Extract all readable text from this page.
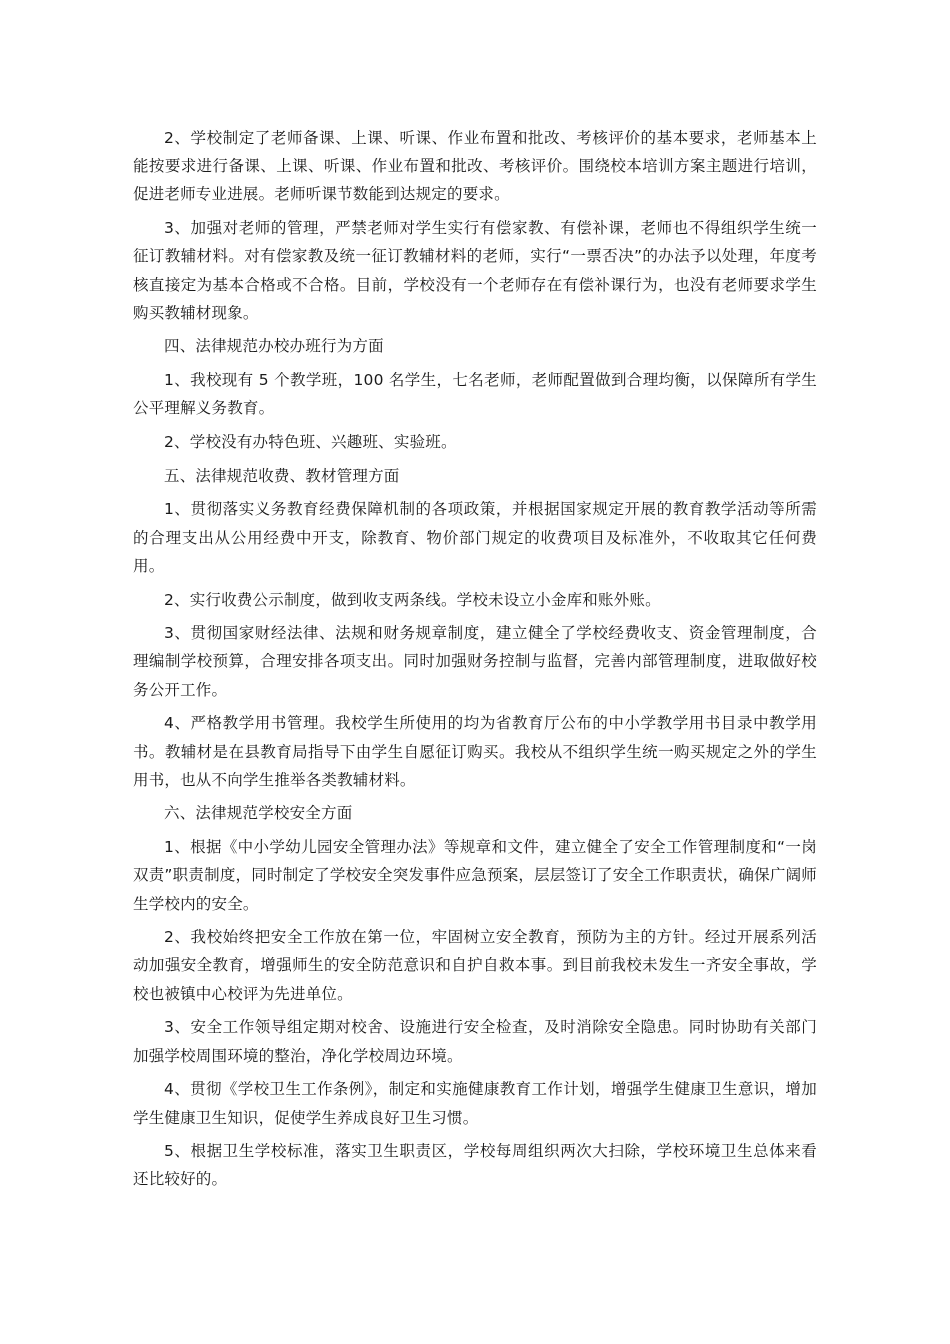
2、学校制定了老师备课、上课、听课、作业布置和批改、考核评价的基本要求，老师基本上能按要求进行备课、上课、听课、作业布置和批改、考核评价。围绕校本培训方案主题进行培训，促进老师专业进展。老师听课节数能到达规定的要求。

3、加强对老师的管理，严禁老师对学生实行有偿家教、有偿补课，老师也不得组织学生统一征订教辅材料。对有偿家教及统一征订教辅材料的老师，实行“一票否决”的办法予以处理，年度考核直接定为基本合格或不合格。目前，学校没有一个老师存在有偿补课行为，也没有老师要求学生购买教辅材现象。

四、法律规范办校办班行为方面

1、我校现有 5 个教学班，100 名学生，七名老师，老师配置做到合理均衡，以保障所有学生公平理解义务教育。

2、学校没有办特色班、兴趣班、实验班。

五、法律规范收费、教材管理方面

1、贯彻落实义务教育经费保障机制的各项政策，并根据国家规定开展的教育教学活动等所需的合理支出从公用经费中开支，除教育、物价部门规定的收费项目及标准外，不收取其它任何费用。

2、实行收费公示制度，做到收支两条线。学校未设立小金库和账外账。

3、贯彻国家财经法律、法规和财务规章制度，建立健全了学校经费收支、资金管理制度，合理编制学校预算，合理安排各项支出。同时加强财务控制与监督，完善内部管理制度，进取做好校务公开工作。

4、严格教学用书管理。我校学生所使用的均为省教育厅公布的中小学教学用书目录中教学用书。教辅材是在县教育局指导下由学生自愿征订购买。我校从不组织学生统一购买规定之外的学生用书，也从不向学生推举各类教辅材料。

六、法律规范学校安全方面

1、根据《中小学幼儿园安全管理办法》等规章和文件，建立健全了安全工作管理制度和“一岗双责”职责制度，同时制定了学校安全突发事件应急预案，层层签订了安全工作职责状，确保广阔师生学校内的安全。

2、我校始终把安全工作放在第一位，牢固树立安全教育，预防为主的方针。经过开展系列活动加强安全教育，增强师生的安全防范意识和自护自救本事。到目前我校未发生一齐安全事故，学校也被镇中心校评为先进单位。

3、安全工作领导组定期对校舍、设施进行安全检查，及时消除安全隐患。同时协助有关部门加强学校周围环境的整治，净化学校周边环境。

4、贯彻《学校卫生工作条例》，制定和实施健康教育工作计划，增强学生健康卫生意识，增加学生健康卫生知识，促使学生养成良好卫生习惯。

5、根据卫生学校标准，落实卫生职责区，学校每周组织两次大扫除，学校环境卫生总体来看还比较好的。
